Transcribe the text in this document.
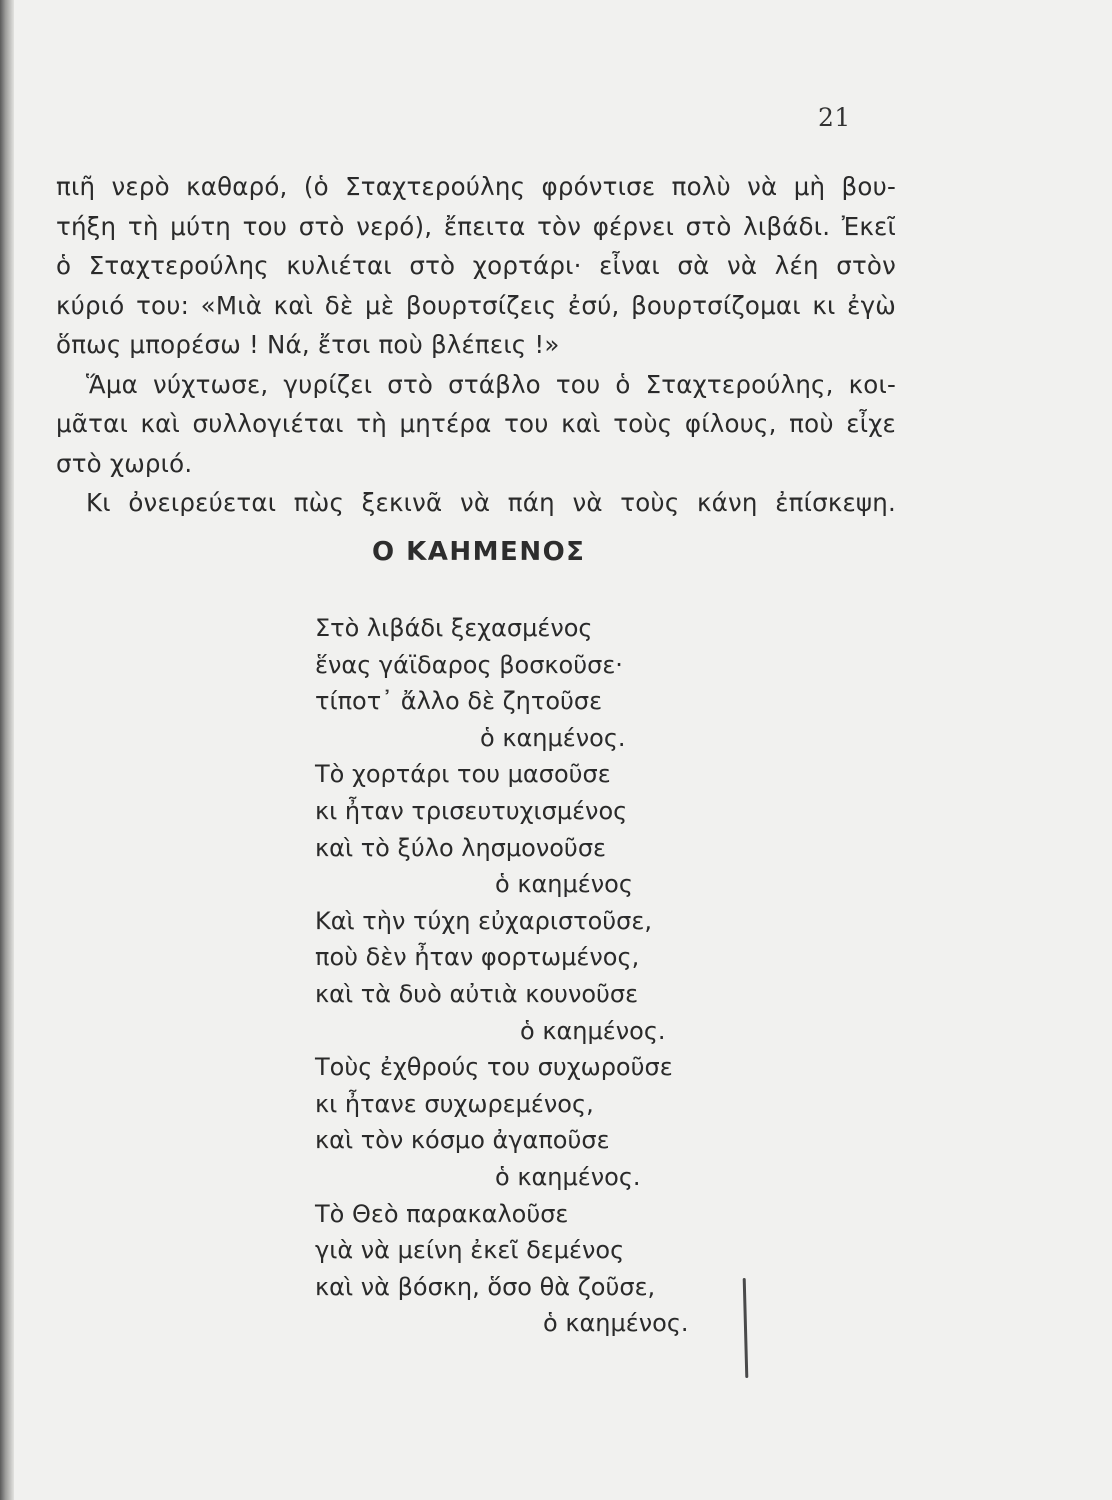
21
πιῆ νερὸ καθαρό, (ὁ Σταχτερούλης φρόντισε πολὺ νὰ μὴ βου-
τήξη τὴ μύτη του στὸ νερό), ἔπειτα τὸν φέρνει στὸ λιβάδι. Ἐκεῖ
ὁ Σταχτερούλης κυλιέται στὸ χορτάρι· εἶναι σὰ νὰ λέη στὸν
κύριό του: «Μιὰ καὶ δὲ μὲ βουρτσίζεις ἐσύ, βουρτσίζομαι κι ἐγὼ
ὅπως μπορέσω ! Νά, ἔτσι ποὺ βλέπεις !»
Ἅμα νύχτωσε, γυρίζει στὸ στάβλο του ὁ Σταχτερούλης, κοι-
μᾶται καὶ συλλογιέται τὴ μητέρα του καὶ τοὺς φίλους, ποὺ εἶχε
στὸ χωριό.
Κι ὀνειρεύεται πὼς ξεκινᾶ νὰ πάη νὰ τοὺς κάνη ἐπίσκεψη.
Ο ΚΑΗΜΕΝΟΣ
Στὸ λιβάδι ξεχασμένος
ἕνας γάϊδαρος βοσκοῦσε·
τίποτ᾽ ἄλλο δὲ ζητοῦσε
ὁ καημένος.
Τὸ χορτάρι του μασοῦσε
κι ἦταν τρισευτυχισμένος
καὶ τὸ ξύλο λησμονοῦσε
ὁ καημένος
Καὶ τὴν τύχη εὐχαριστοῦσε,
ποὺ δὲν ἦταν φορτωμένος,
καὶ τὰ δυὸ αὐτιὰ κουνοῦσε
ὁ καημένος.
Τοὺς ἐχθρούς του συχωροῦσε
κι ἦτανε συχωρεμένος,
καὶ τὸν κόσμο ἀγαποῦσε
ὁ καημένος.
Τὸ Θεὸ παρακαλοῦσε
γιὰ νὰ μείνη ἐκεῖ δεμένος
καὶ νὰ βόσκη, ὅσο θὰ ζοῦσε,
ὁ καημένος.
